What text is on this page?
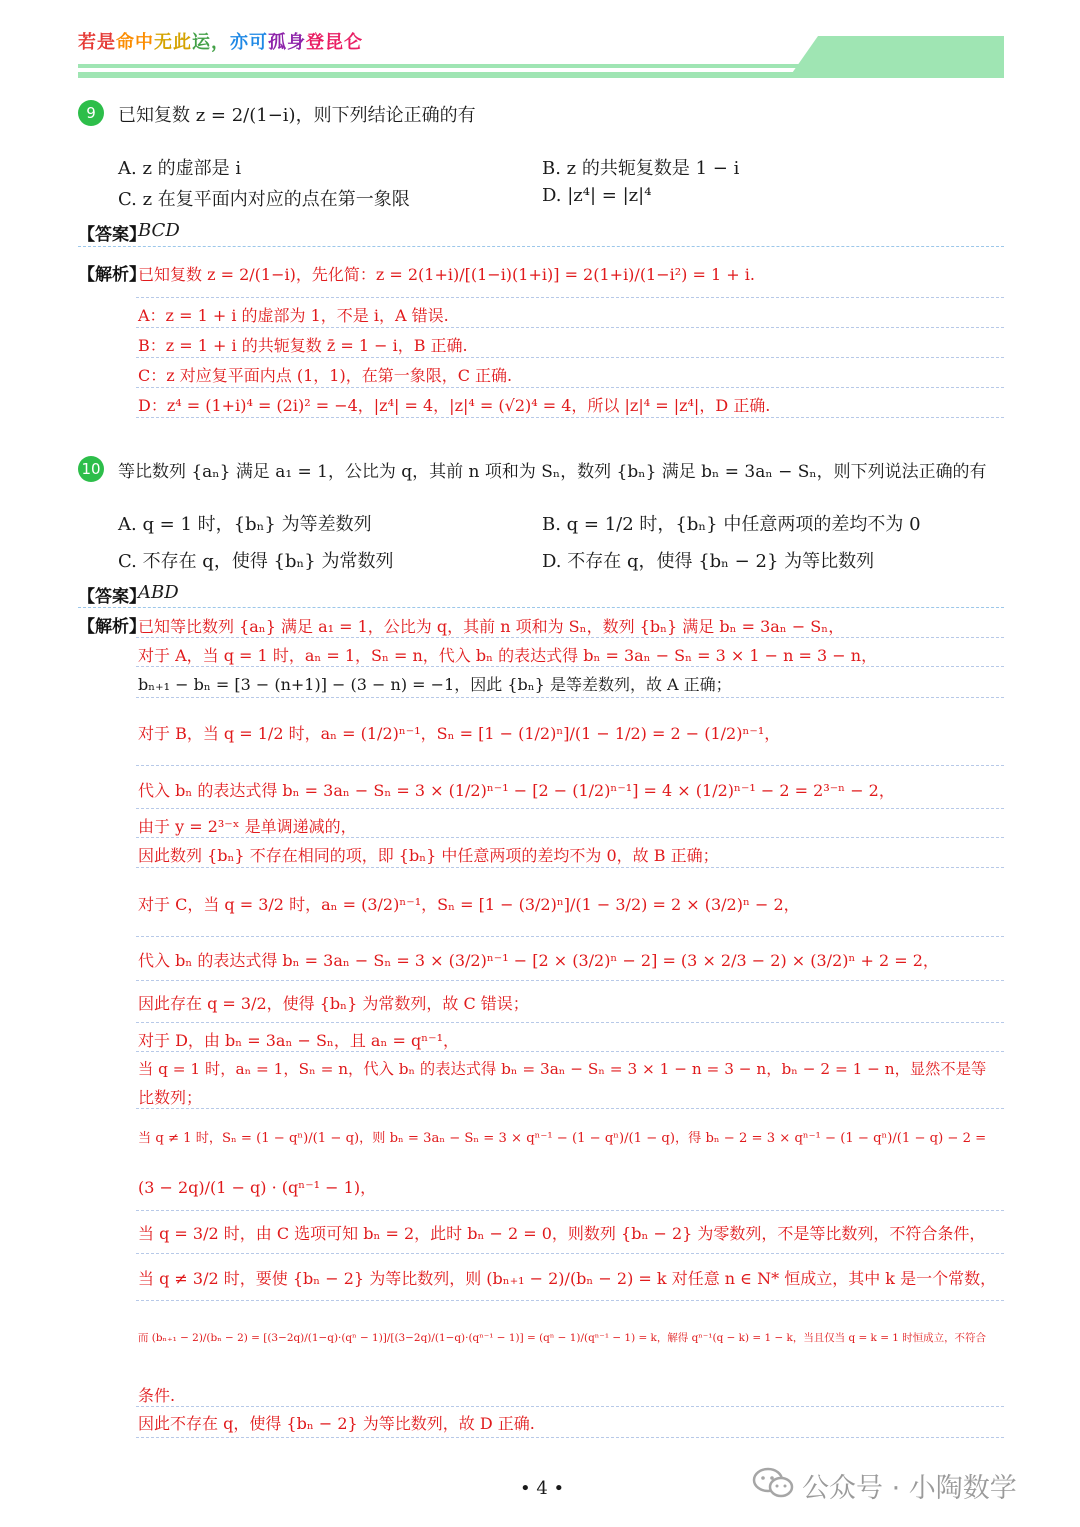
若是命中无此运，亦可孤身登昆仑
9	已知复数 z = 2/(1−i)，则下列结论正确的有
A. z 的虚部是 i	B. z 的共轭复数是 1 − i
C. z 在复平面内对应的点在第一象限	D. |z⁴| = |z|⁴
【答案】
BCD
【解析】
已知复数 z = 2/(1−i)，先化简：z = 2(1+i)/[(1−i)(1+i)] = 2(1+i)/(1−i²) = 1 + i.
A：z = 1 + i 的虚部为 1，不是 i，A 错误.
B：z = 1 + i 的共轭复数 z̄ = 1 − i，B 正确.
C：z 对应复平面内点 (1，1)，在第一象限，C 正确.
D：z⁴ = (1+i)⁴ = (2i)² = −4，|z⁴| = 4，|z|⁴ = (√2)⁴ = 4，所以 |z|⁴ = |z⁴|，D 正确.
10 等比数列 {aₙ} 满足 a₁ = 1，公比为 q，其前 n 项和为 Sₙ，数列 {bₙ} 满足 bₙ = 3aₙ − Sₙ，则下列说法正确的有
A. q = 1 时，{bₙ} 为等差数列	B. q = 1/2 时，{bₙ} 中任意两项的差均不为 0
C. 不存在 q，使得 {bₙ} 为常数列	D. 不存在 q，使得 {bₙ − 2} 为等比数列
【答案】
ABD
【解析】
已知等比数列 {aₙ} 满足 a₁ = 1，公比为 q，其前 n 项和为 Sₙ，数列 {bₙ} 满足 bₙ = 3aₙ − Sₙ，
对于 A，当 q = 1 时，aₙ = 1，Sₙ = n，代入 bₙ 的表达式得 bₙ = 3aₙ − Sₙ = 3 × 1 − n = 3 − n，
bₙ₊₁ − bₙ = [3 − (n+1)] − (3 − n) = −1，因此 {bₙ} 是等差数列，故 A 正确；
对于 B，当 q = 1/2 时，aₙ = (1/2)ⁿ⁻¹，Sₙ = [1 − (1/2)ⁿ]/(1 − 1/2) = 2 − (1/2)ⁿ⁻¹，
代入 bₙ 的表达式得 bₙ = 3aₙ − Sₙ = 3 × (1/2)ⁿ⁻¹ − [2 − (1/2)ⁿ⁻¹] = 4 × (1/2)ⁿ⁻¹ − 2 = 2³⁻ⁿ − 2，
由于 y = 2³⁻ˣ 是单调递减的，
因此数列 {bₙ} 不存在相同的项，即 {bₙ} 中任意两项的差均不为 0，故 B 正确；
对于 C，当 q = 3/2 时，aₙ = (3/2)ⁿ⁻¹，Sₙ = [1 − (3/2)ⁿ]/(1 − 3/2) = 2 × (3/2)ⁿ − 2，
代入 bₙ 的表达式得 bₙ = 3aₙ − Sₙ = 3 × (3/2)ⁿ⁻¹ − [2 × (3/2)ⁿ − 2] = (3 × 2/3 − 2) × (3/2)ⁿ + 2 = 2，
因此存在 q = 3/2，使得 {bₙ} 为常数列，故 C 错误；
对于 D，由 bₙ = 3aₙ − Sₙ，且 aₙ = qⁿ⁻¹，
当 q = 1 时，aₙ = 1，Sₙ = n，代入 bₙ 的表达式得 bₙ = 3aₙ − Sₙ = 3 × 1 − n = 3 − n，bₙ − 2 = 1 − n，显然不是等
比数列；
当 q ≠ 1 时，Sₙ = (1 − qⁿ)/(1 − q)，则 bₙ = 3aₙ − Sₙ = 3 × qⁿ⁻¹ − (1 − qⁿ)/(1 − q)，得 bₙ − 2 = 3 × qⁿ⁻¹ − (1 − qⁿ)/(1 − q) − 2 =
(3 − 2q)/(1 − q) · (qⁿ⁻¹ − 1)，
当 q = 3/2 时，由 C 选项可知 bₙ = 2，此时 bₙ − 2 = 0，则数列 {bₙ − 2} 为零数列，不是等比数列，不符合条件，
当 q ≠ 3/2 时，要使 {bₙ − 2} 为等比数列，则 (bₙ₊₁ − 2)/(bₙ − 2) = k 对任意 n ∈ N* 恒成立，其中 k 是一个常数，
而 (bₙ₊₁ − 2)/(bₙ − 2) = [(3−2q)/(1−q)·(qⁿ − 1)]/[(3−2q)/(1−q)·(qⁿ⁻¹ − 1)] = (qⁿ − 1)/(qⁿ⁻¹ − 1) = k，解得 qⁿ⁻¹(q − k) = 1 − k，当且仅当 q = k = 1 时恒成立，不符合
条件.
因此不存在 q，使得 {bₙ − 2} 为等比数列，故 D 正确.
• 4 •	公众号 · 小陶数学
